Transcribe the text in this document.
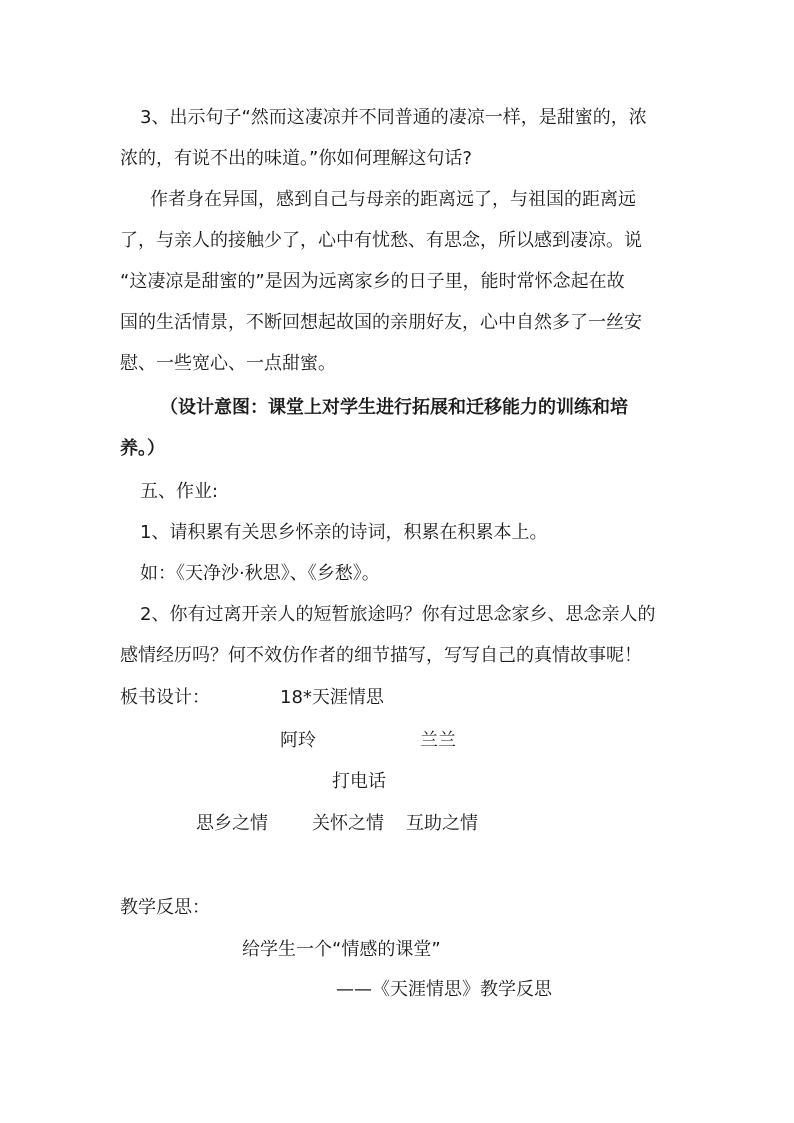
3、出示句子“然而这凄凉并不同普通的凄凉一样，是甜蜜的，浓
浓的，有说不出的味道。”你如何理解这句话?
作者身在异国，感到自己与母亲的距离远了，与祖国的距离远
了，与亲人的接触少了，心中有忧愁、有思念，所以感到凄凉。说
“这凄凉是甜蜜的”是因为远离家乡的日子里，能时常怀念起在故
国的生活情景，不断回想起故国的亲朋好友，心中自然多了一丝安
慰、一些宽心、一点甜蜜。
（设计意图：课堂上对学生进行拓展和迁移能力的训练和培
养。）
五、作业:
1、请积累有关思乡怀亲的诗词，积累在积累本上。
如：《天净沙·秋思》、《乡愁》。
2、你有过离开亲人的短暂旅途吗？你有过思念家乡、思念亲人的
感情经历吗？何不效仿作者的细节描写，写写自己的真情故事呢！
板书设计：	18*天涯情思
阿玲	兰兰
打电话
思乡之情 关怀之情 互助之情
教学反思：
给学生一个“情感的课堂”
——《天涯情思》教学反思
